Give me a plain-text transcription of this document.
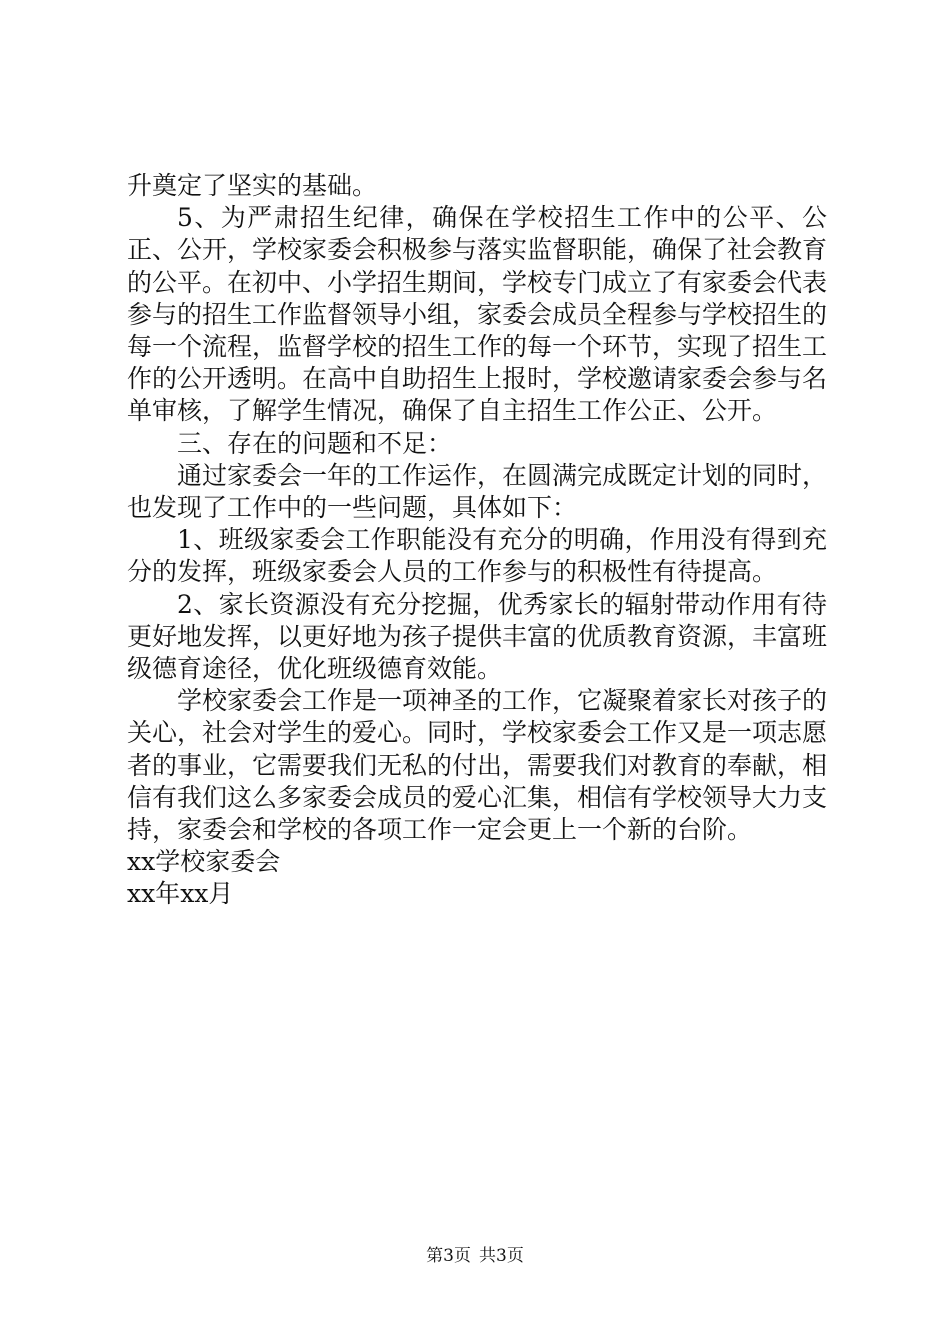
升奠定了坚实的基础。

5、为严肃招生纪律，确保在学校招生工作中的公平、公正、公开，学校家委会积极参与落实监督职能，确保了社会教育的公平。在初中、小学招生期间，学校专门成立了有家委会代表参与的招生工作监督领导小组，家委会成员全程参与学校招生的每一个流程，监督学校的招生工作的每一个环节，实现了招生工作的公开透明。在高中自助招生上报时，学校邀请家委会参与名单审核，了解学生情况，确保了自主招生工作公正、公开。

三、存在的问题和不足：

通过家委会一年的工作运作，在圆满完成既定计划的同时，也发现了工作中的一些问题，具体如下：

1、班级家委会工作职能没有充分的明确，作用没有得到充分的发挥，班级家委会人员的工作参与的积极性有待提高。

2、家长资源没有充分挖掘，优秀家长的辐射带动作用有待更好地发挥，以更好地为孩子提供丰富的优质教育资源，丰富班级德育途径，优化班级德育效能。

学校家委会工作是一项神圣的工作，它凝聚着家长对孩子的关心，社会对学生的爱心。同时，学校家委会工作又是一项志愿者的事业，它需要我们无私的付出，需要我们对教育的奉献，相信有我们这么多家委会成员的爱心汇集，相信有学校领导大力支持，家委会和学校的各项工作一定会更上一个新的台阶。

xx学校家委会

xx年xx月

第3页 共3页
